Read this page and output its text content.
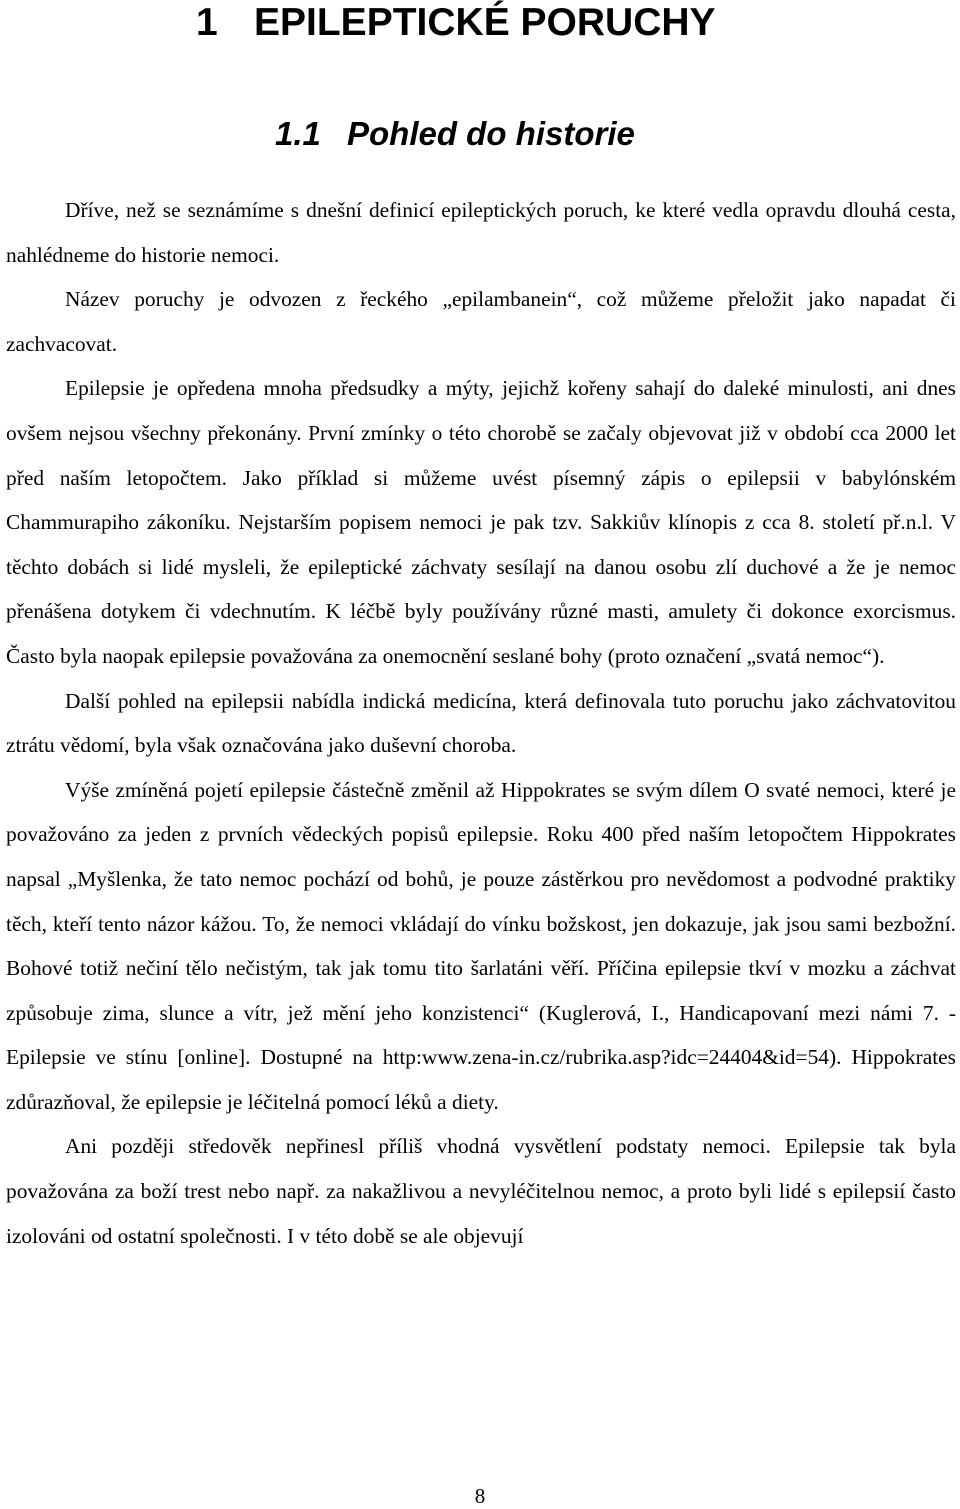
1 EPILEPTICKÉ PORUCHY
1.1 Pohled do historie

Dříve, než se seznámíme s dnešní definicí epileptických poruch, ke které vedla opravdu dlouhá cesta, nahlédneme do historie nemoci.

Název poruchy je odvozen z řeckého „epilambanein“, což můžeme přeložit jako napadat či zachvacovat.

Epilepsie je opředena mnoha předsudky a mýty, jejichž kořeny sahají do daleké minulosti, ani dnes ovšem nejsou všechny překonány. První zmínky o této chorobě se začaly objevovat již v období cca 2000 let před naším letopočtem. Jako příklad si můžeme uvést písemný zápis o epilepsii v babylónském Chammurapiho zákoníku. Nejstarším popisem nemoci je pak tzv. Sakkiův klínopis z cca 8. století př.n.l. V těchto dobách si lidé mysleli, že epileptické záchvaty sesílají na danou osobu zlí duchové a že je nemoc přenášena dotykem či vdechnutím. K léčbě byly používány různé masti, amulety či dokonce exorcismus. Často byla naopak epilepsie považována za onemocnění seslané bohy (proto označení „svatá nemoc“).

Další pohled na epilepsii nabídla indická medicína, která definovala tuto poruchu jako záchvatovitou ztrátu vědomí, byla však označována jako duševní choroba.

Výše zmíněná pojetí epilepsie částečně změnil až Hippokrates se svým dílem O svaté nemoci, které je považováno za jeden z prvních vědeckých popisů epilepsie. Roku 400 před naším letopočtem Hippokrates napsal „Myšlenka, že tato nemoc pochází od bohů, je pouze zástěrkou pro nevědomost a podvodné praktiky těch, kteří tento názor kážou. To, že nemoci vkládají do vínku božskost, jen dokazuje, jak jsou sami bezbožní. Bohové totiž nečiní tělo nečistým, tak jak tomu tito šarlatáni věří. Příčina epilepsie tkví v mozku a záchvat způsobuje zima, slunce a vítr, jež mění jeho konzistenci“ (Kuglerová, I., Handicapovaní mezi námi 7. - Epilepsie ve stínu [online]. Dostupné na http:www.zena-in.cz/rubrika.asp?idc=24404&id=54). Hippokrates zdůrazňoval, že epilepsie je léčitelná pomocí léků a diety.

Ani později středověk nepřinesl příliš vhodná vysvětlení podstaty nemoci. Epilepsie tak byla považována za boží trest nebo např. za nakažlivou a nevyléčitelnou nemoc, a proto byli lidé s epilepsií často izolováni od ostatní společnosti. I v této době se ale objevují

8
